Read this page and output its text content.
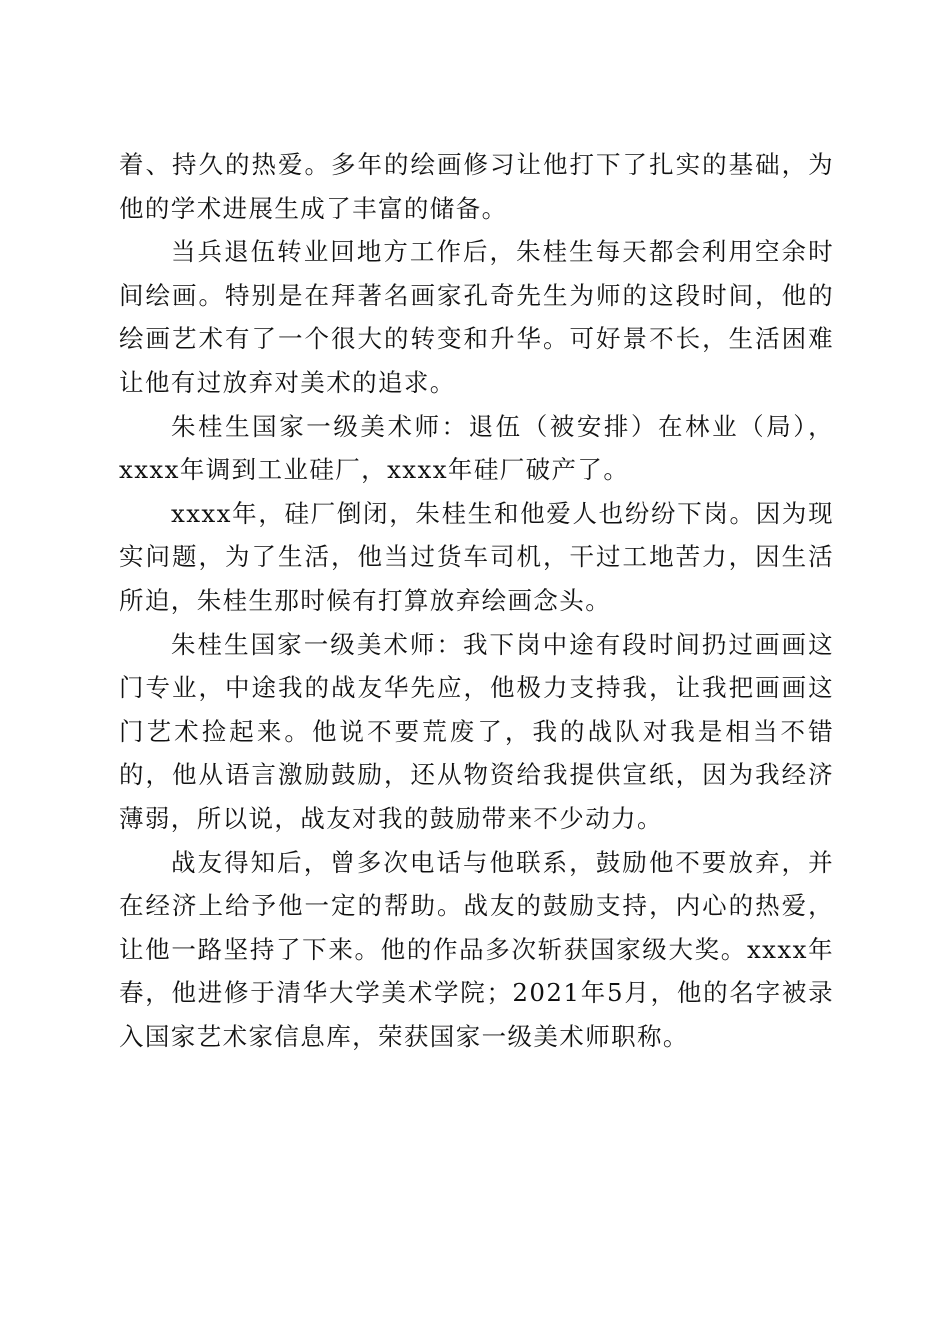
着、持久的热爱。多年的绘画修习让他打下了扎实的基础，为他的学术进展生成了丰富的储备。

当兵退伍转业回地方工作后，朱桂生每天都会利用空余时间绘画。特别是在拜著名画家孔奇先生为师的这段时间，他的绘画艺术有了一个很大的转变和升华。可好景不长，生活困难让他有过放弃对美术的追求。

朱桂生国家一级美术师：退伍（被安排）在林业（局），xxxx年调到工业硅厂，xxxx年硅厂破产了。

xxxx年，硅厂倒闭，朱桂生和他爱人也纷纷下岗。因为现实问题，为了生活，他当过货车司机，干过工地苦力，因生活所迫，朱桂生那时候有打算放弃绘画念头。

朱桂生国家一级美术师：我下岗中途有段时间扔过画画这门专业，中途我的战友华先应，他极力支持我，让我把画画这门艺术捡起来。他说不要荒废了，我的战队对我是相当不错的，他从语言激励鼓励，还从物资给我提供宣纸，因为我经济薄弱，所以说，战友对我的鼓励带来不少动力。

战友得知后，曾多次电话与他联系，鼓励他不要放弃，并在经济上给予他一定的帮助。战友的鼓励支持，内心的热爱，让他一路坚持了下来。他的作品多次斩获国家级大奖。xxxx年春，他进修于清华大学美术学院；2021年5月，他的名字被录入国家艺术家信息库，荣获国家一级美术师职称。
